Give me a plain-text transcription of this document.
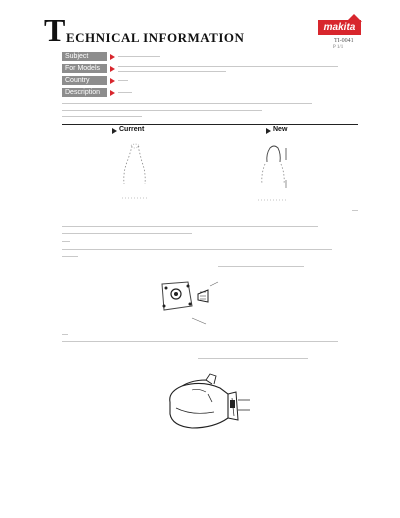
T ECHNICAL INFORMATION
makita
TI-0041
P 1/1
Subject
For Models
Country
Description
Current	New
